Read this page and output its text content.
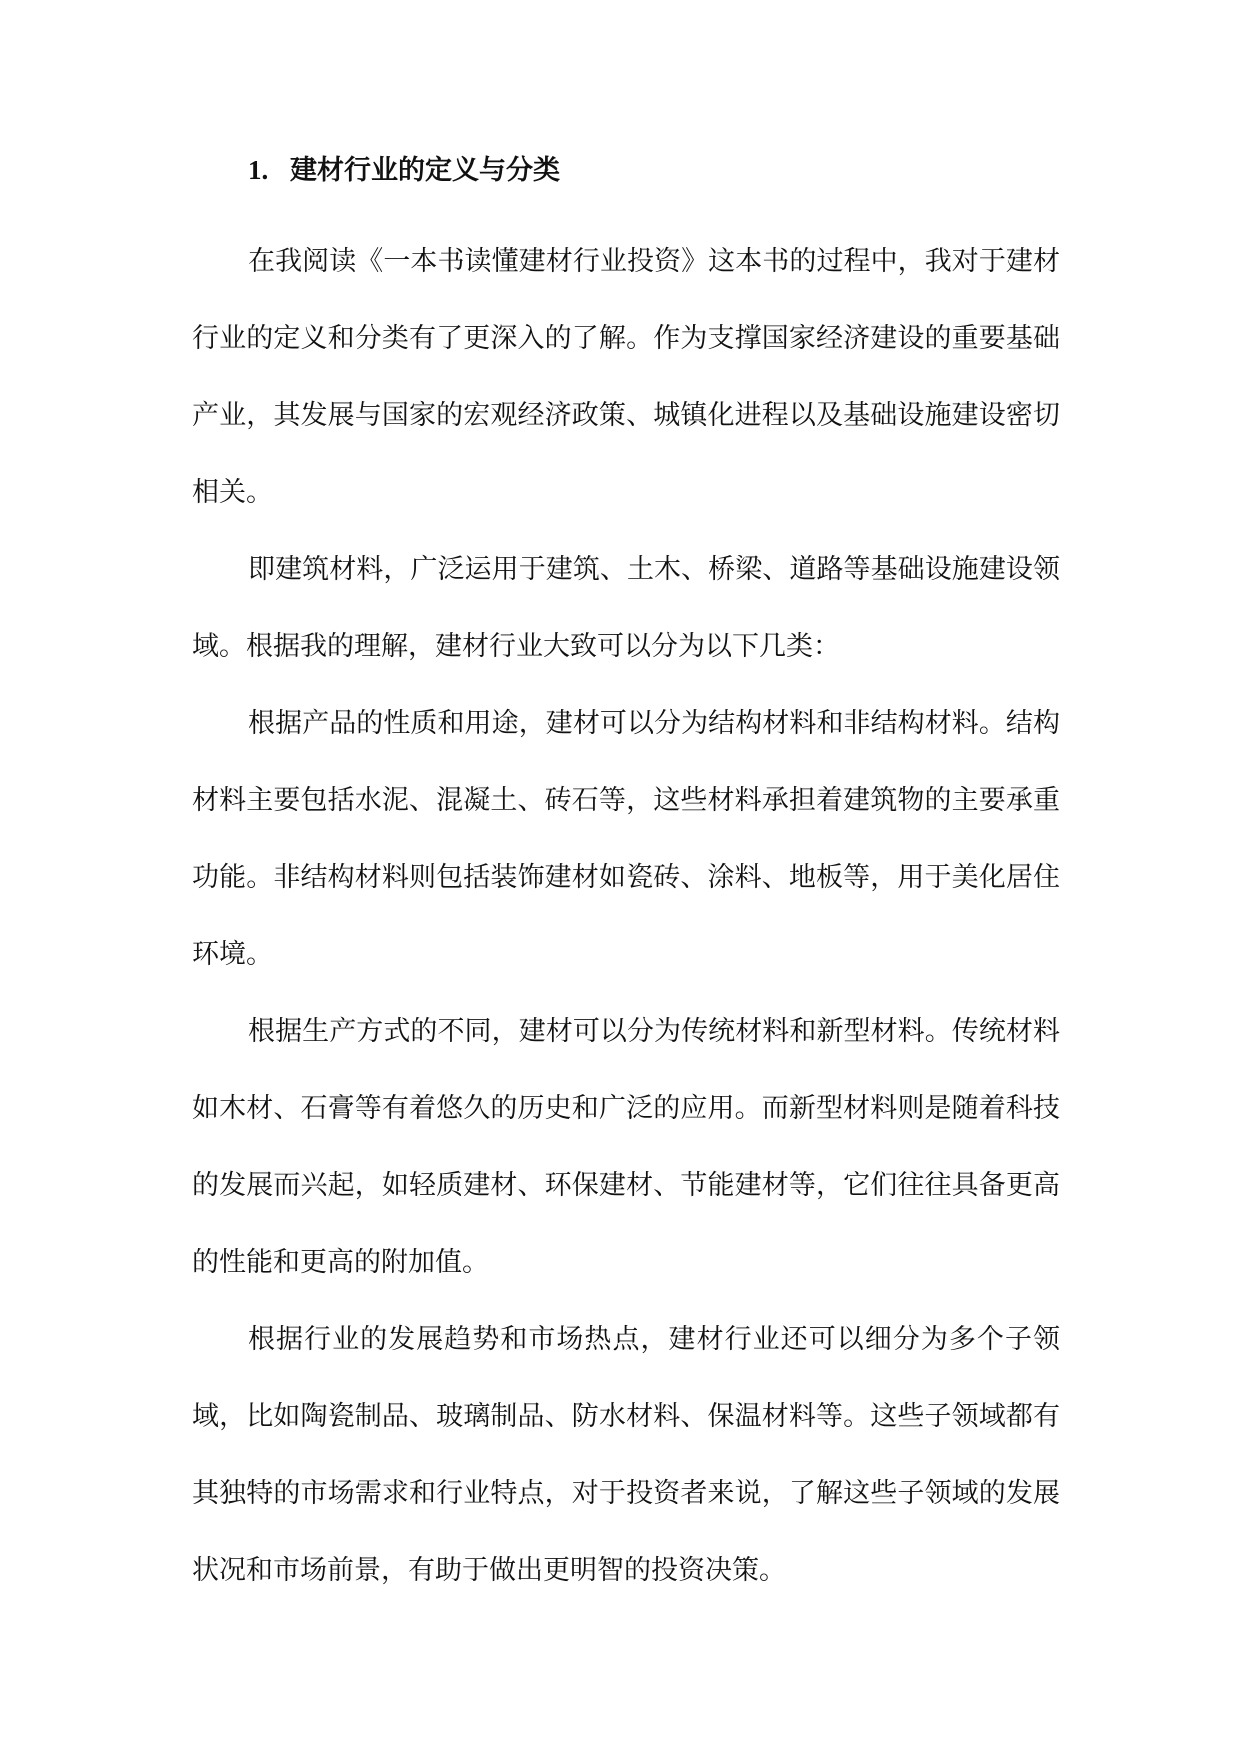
1. 建材行业的定义与分类

在我阅读《一本书读懂建材行业投资》这本书的过程中，我对于建材行业的定义和分类有了更深入的了解。作为支撑国家经济建设的重要基础产业，其发展与国家的宏观经济政策、城镇化进程以及基础设施建设密切相关。

即建筑材料，广泛运用于建筑、土木、桥梁、道路等基础设施建设领域。根据我的理解，建材行业大致可以分为以下几类：

根据产品的性质和用途，建材可以分为结构材料和非结构材料。结构材料主要包括水泥、混凝土、砖石等，这些材料承担着建筑物的主要承重功能。非结构材料则包括装饰建材如瓷砖、涂料、地板等，用于美化居住环境。

根据生产方式的不同，建材可以分为传统材料和新型材料。传统材料如木材、石膏等有着悠久的历史和广泛的应用。而新型材料则是随着科技的发展而兴起，如轻质建材、环保建材、节能建材等，它们往往具备更高的性能和更高的附加值。

根据行业的发展趋势和市场热点，建材行业还可以细分为多个子领域，比如陶瓷制品、玻璃制品、防水材料、保温材料等。这些子领域都有其独特的市场需求和行业特点，对于投资者来说，了解这些子领域的发展状况和市场前景，有助于做出更明智的投资决策。
